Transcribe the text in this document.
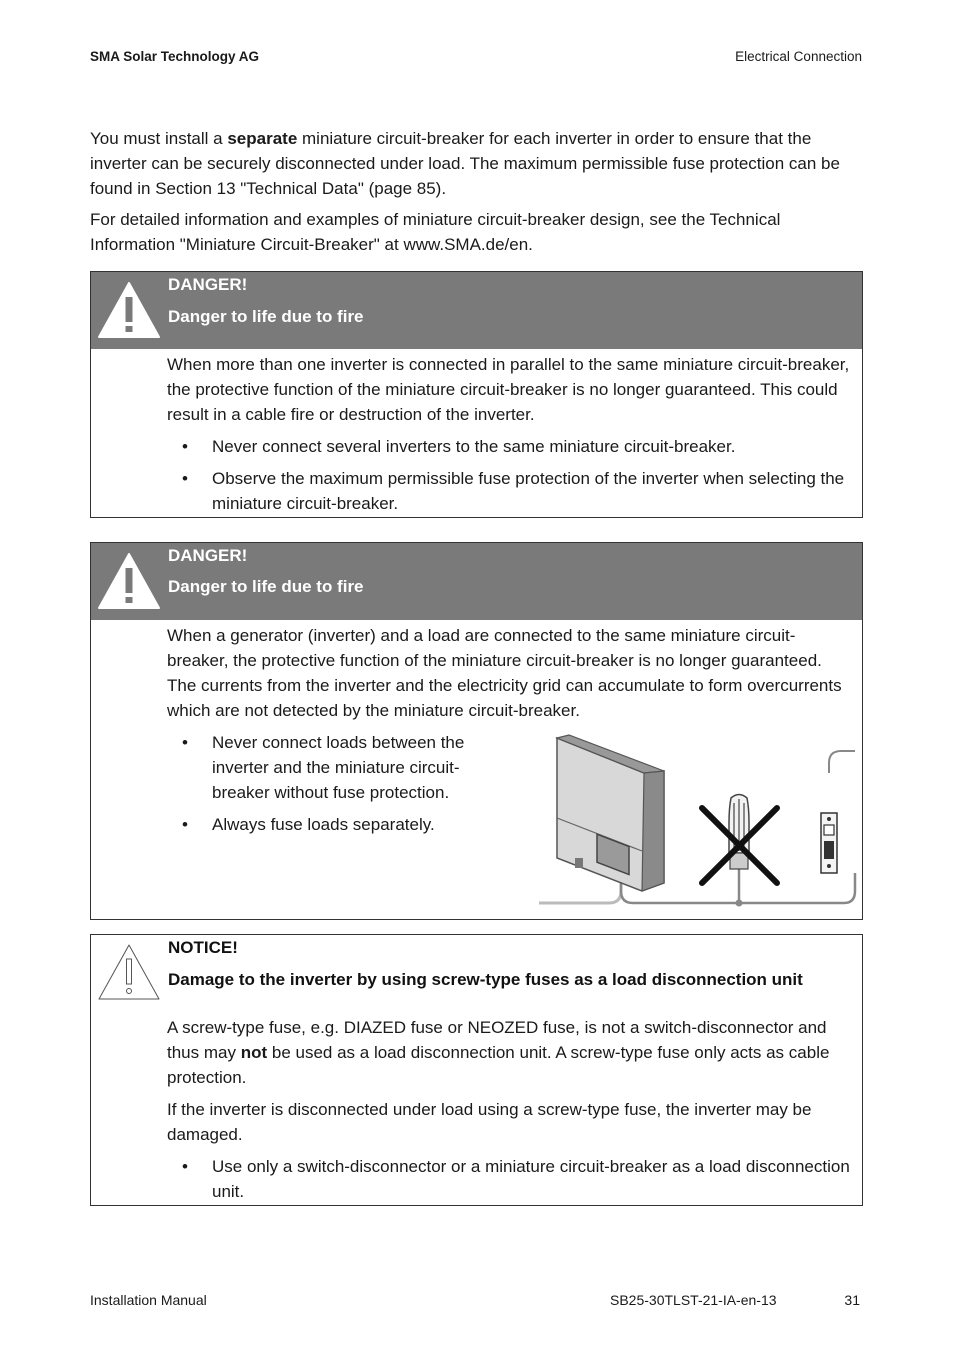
SMA Solar Technology AG	Electrical Connection
You must install a separate miniature circuit-breaker for each inverter in order to ensure that the inverter can be securely disconnected under load. The maximum permissible fuse protection can be found in Section 13 "Technical Data" (page 85).
For detailed information and examples of miniature circuit-breaker design, see the Technical Information "Miniature Circuit-Breaker" at www.SMA.de/en.
DANGER!
Danger to life due to fire

When more than one inverter is connected in parallel to the same miniature circuit-breaker, the protective function of the miniature circuit-breaker is no longer guaranteed. This could result in a cable fire or destruction of the inverter.

• Never connect several inverters to the same miniature circuit-breaker.
• Observe the maximum permissible fuse protection of the inverter when selecting the miniature circuit-breaker.
DANGER!
Danger to life due to fire

When a generator (inverter) and a load are connected to the same miniature circuit-breaker, the protective function of the miniature circuit-breaker is no longer guaranteed. The currents from the inverter and the electricity grid can accumulate to form overcurrents which are not detected by the miniature circuit-breaker.

• Never connect loads between the inverter and the miniature circuit-breaker without fuse protection.
• Always fuse loads separately.
NOTICE!
Damage to the inverter by using screw-type fuses as a load disconnection unit

A screw-type fuse, e.g. DIAZED fuse or NEOZED fuse, is not a switch-disconnector and thus may not be used as a load disconnection unit. A screw-type fuse only acts as cable protection.

If the inverter is disconnected under load using a screw-type fuse, the inverter may be damaged.

• Use only a switch-disconnector or a miniature circuit-breaker as a load disconnection unit.
Installation Manual	SB25-30TLST-21-IA-en-13	31
